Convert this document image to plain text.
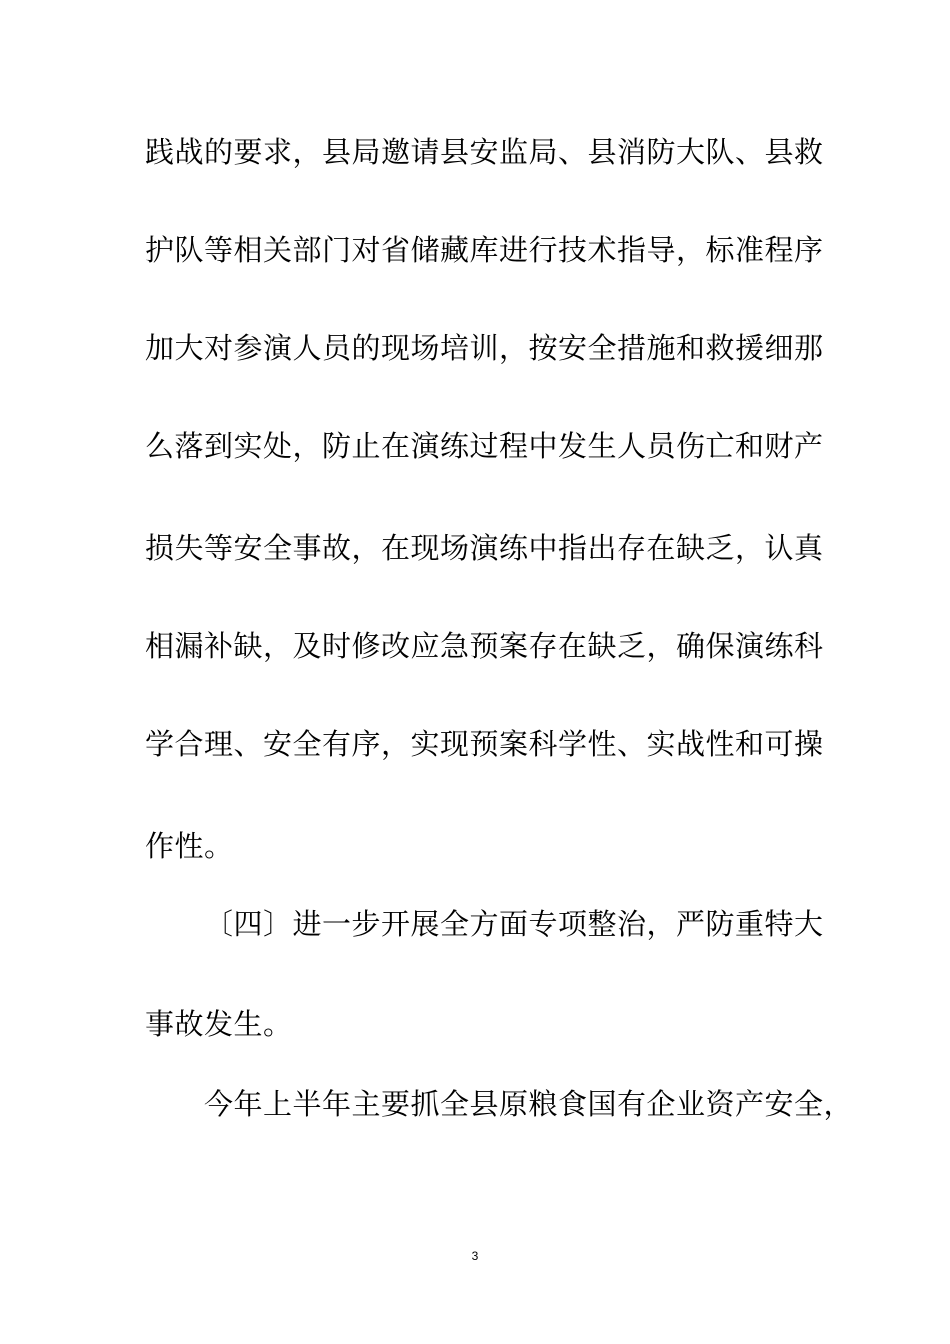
践战的要求，县局邀请县安监局、县消防大队、县救
护队等相关部门对省储藏库进行技术指导，标准程序
加大对参演人员的现场培训，按安全措施和救援细那
么落到实处，防止在演练过程中发生人员伤亡和财产
损失等安全事故，在现场演练中指出存在缺乏，认真
相漏补缺，及时修改应急预案存在缺乏，确保演练科
学合理、安全有序，实现预案科学性、实战性和可操
作性。
〔四〕进一步开展全方面专项整治，严防重特大
事故发生。
今年上半年主要抓全县原粮食国有企业资产安全，
3
